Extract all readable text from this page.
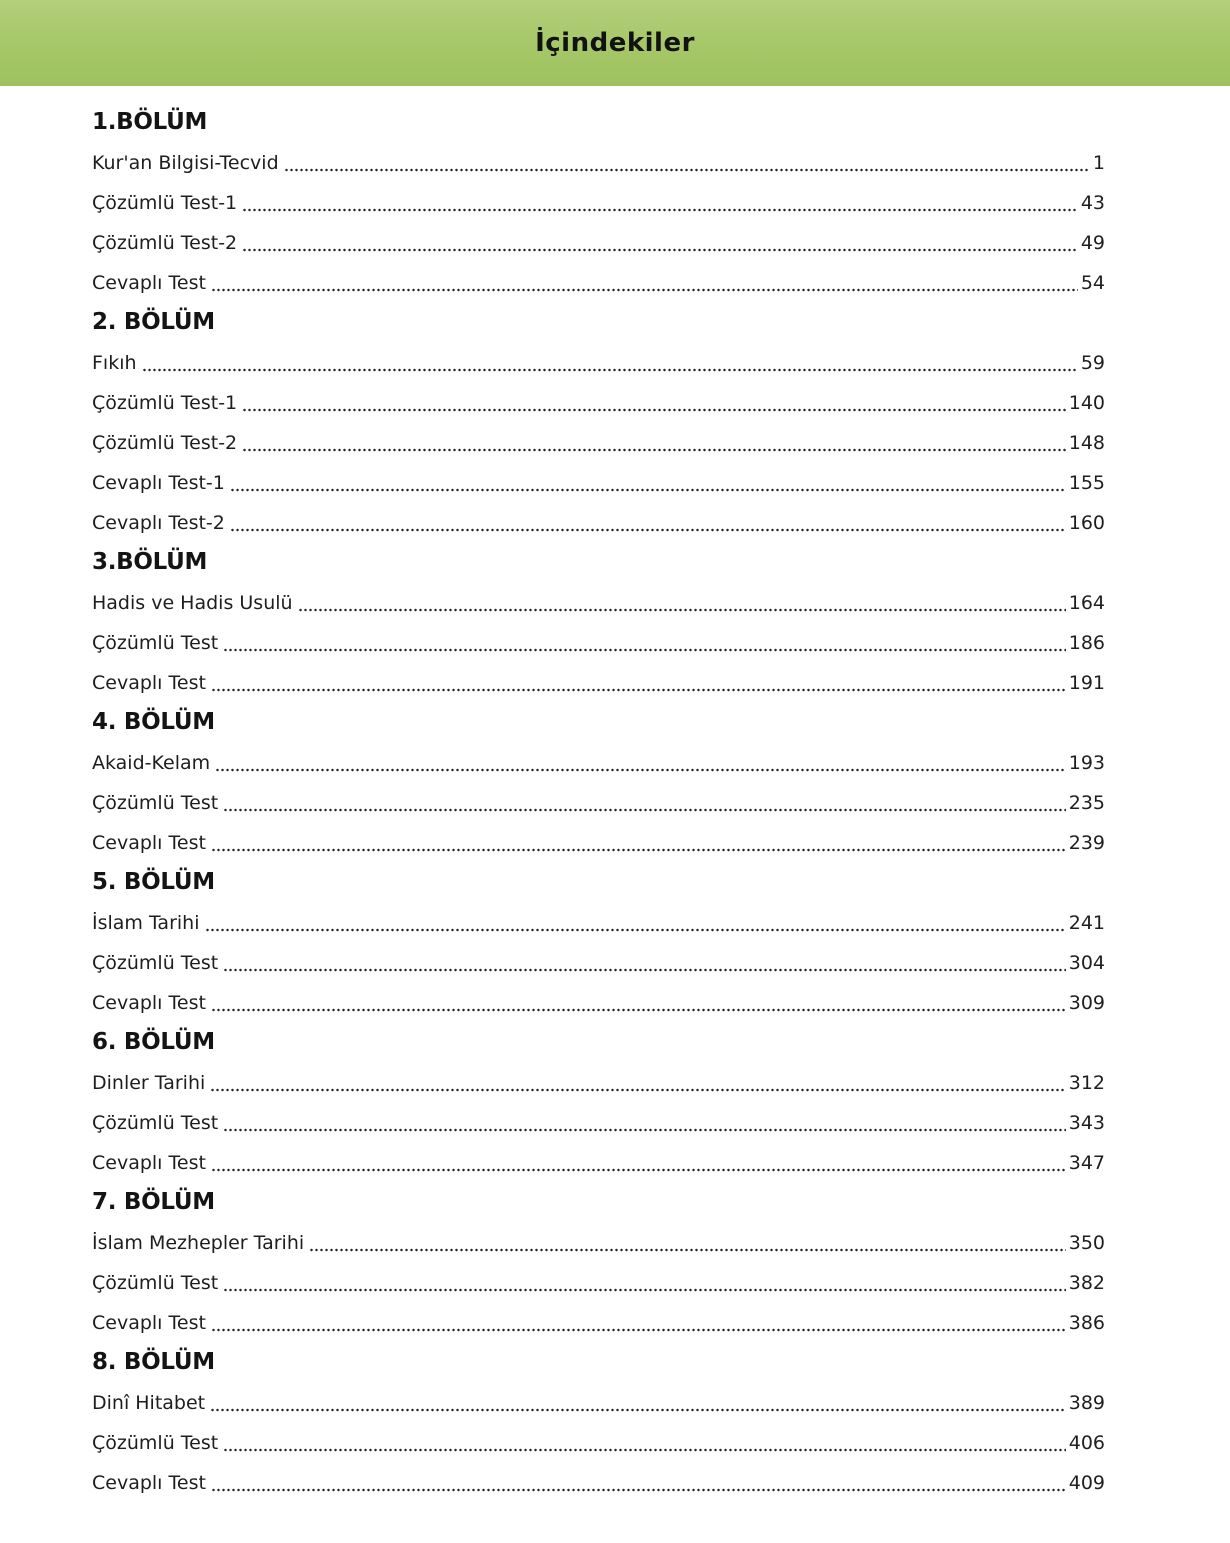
İçindekiler
1.BÖLÜM
Kur'an Bilgisi-Tecvid	1
Çözümlü Test-1	43
Çözümlü Test-2	49
Cevaplı Test	54
2. BÖLÜM
Fıkıh	59
Çözümlü Test-1	140
Çözümlü Test-2	148
Cevaplı Test-1	155
Cevaplı Test-2	160
3.BÖLÜM
Hadis ve Hadis Usulü	164
Çözümlü Test	186
Cevaplı Test	191
4. BÖLÜM
Akaid-Kelam	193
Çözümlü Test	235
Cevaplı Test	239
5. BÖLÜM
İslam Tarihi	241
Çözümlü Test	304
Cevaplı Test	309
6. BÖLÜM
Dinler Tarihi	312
Çözümlü Test	343
Cevaplı Test	347
7. BÖLÜM
İslam Mezhepler Tarihi	350
Çözümlü Test	382
Cevaplı Test	386
8. BÖLÜM
Dinî Hitabet	389
Çözümlü Test	406
Cevaplı Test	409
